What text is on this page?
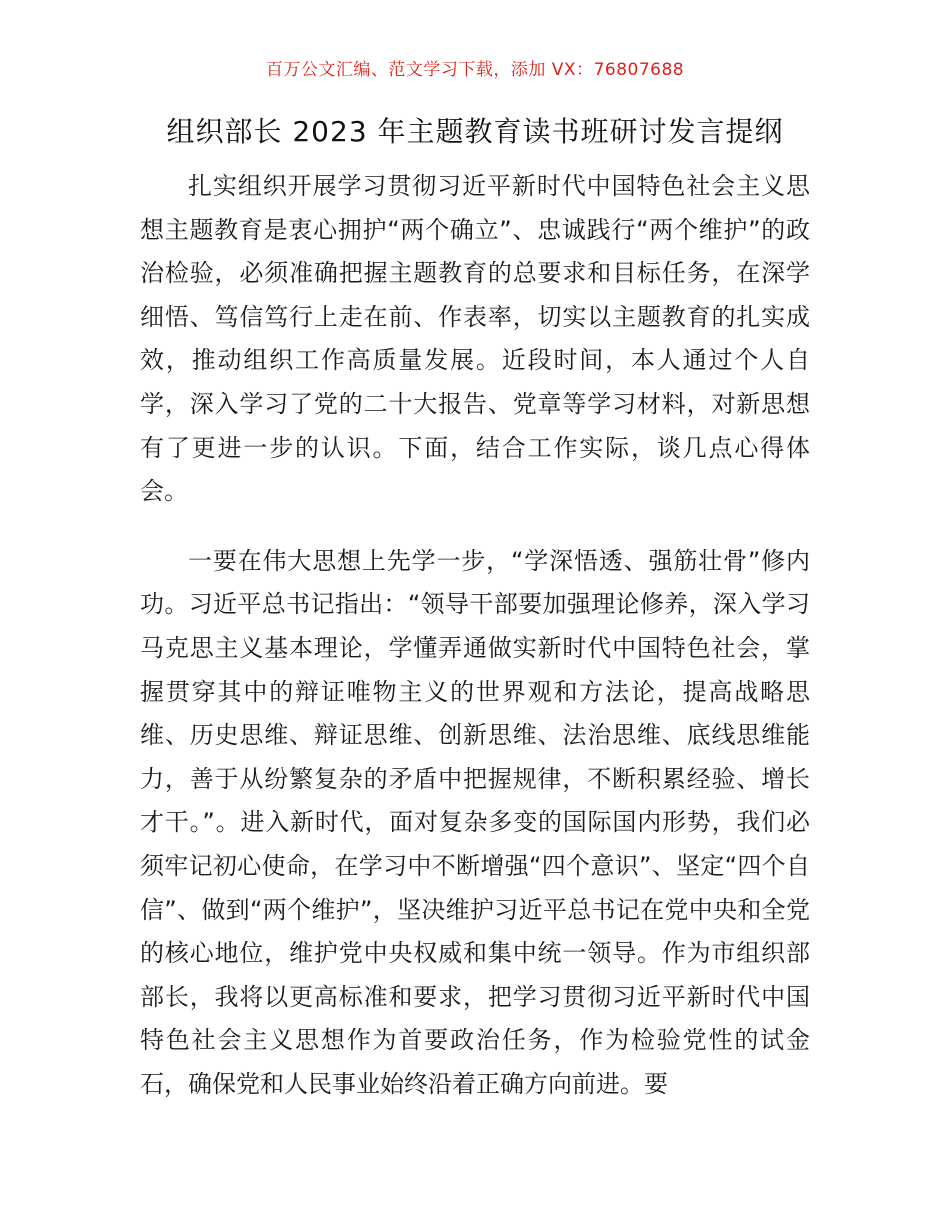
百万公文汇编、范文学习下载，添加 VX：76807688
组织部长 2023 年主题教育读书班研讨发言提纲

扎实组织开展学习贯彻习近平新时代中国特色社会主义思想主题教育是衷心拥护“两个确立”、忠诚践行“两个维护”的政治检验，必须准确把握主题教育的总要求和目标任务，在深学细悟、笃信笃行上走在前、作表率，切实以主题教育的扎实成效，推动组织工作高质量发展。近段时间，本人通过个人自学，深入学习了党的二十大报告、党章等学习材料，对新思想有了更进一步的认识。下面，结合工作实际，谈几点心得体会。

一要在伟大思想上先学一步，“学深悟透、强筋壮骨”修内功。习近平总书记指出：“领导干部要加强理论修养，深入学习马克思主义基本理论，学懂弄通做实新时代中国特色社会，掌握贯穿其中的辩证唯物主义的世界观和方法论，提高战略思维、历史思维、辩证思维、创新思维、法治思维、底线思维能力，善于从纷繁复杂的矛盾中把握规律，不断积累经验、增长才干。”。进入新时代，面对复杂多变的国际国内形势，我们必须牢记初心使命，在学习中不断增强“四个意识”、坚定“四个自信”、做到“两个维护”，坚决维护习近平总书记在党中央和全党的核心地位，维护党中央权威和集中统一领导。作为市组织部部长，我将以更高标准和要求，把学习贯彻习近平新时代中国特色社会主义思想作为首要政治任务，作为检验党性的试金石，确保党和人民事业始终沿着正确方向前进。要
